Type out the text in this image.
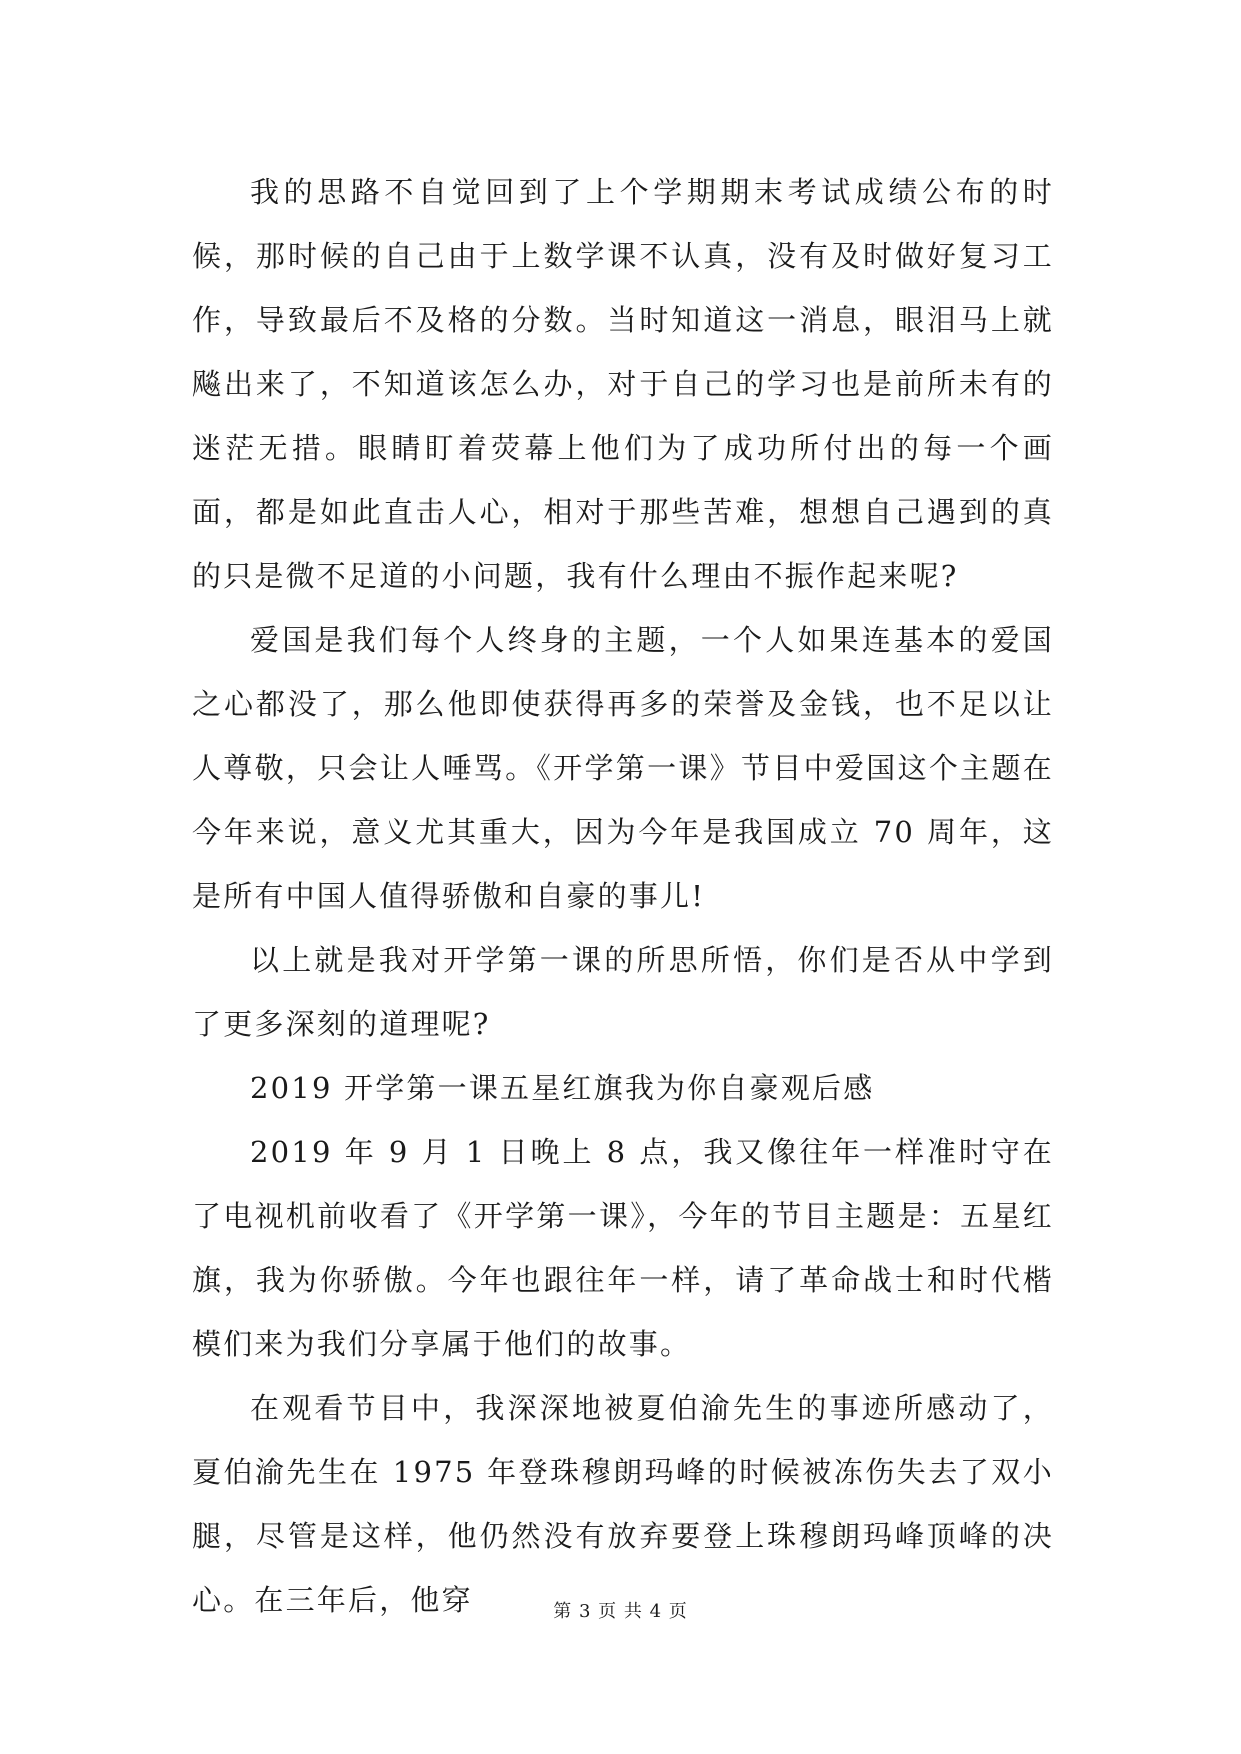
我的思路不自觉回到了上个学期期末考试成绩公布的时候，那时候的自己由于上数学课不认真，没有及时做好复习工作，导致最后不及格的分数。当时知道这一消息，眼泪马上就飚出来了，不知道该怎么办，对于自己的学习也是前所未有的迷茫无措。眼睛盯着荧幕上他们为了成功所付出的每一个画面，都是如此直击人心，相对于那些苦难，想想自己遇到的真的只是微不足道的小问题，我有什么理由不振作起来呢?

爱国是我们每个人终身的主题，一个人如果连基本的爱国之心都没了，那么他即使获得再多的荣誉及金钱，也不足以让人尊敬，只会让人唾骂。《开学第一课》节目中爱国这个主题在今年来说，意义尤其重大，因为今年是我国成立 70 周年，这是所有中国人值得骄傲和自豪的事儿!

以上就是我对开学第一课的所思所悟，你们是否从中学到了更多深刻的道理呢?

2019 开学第一课五星红旗我为你自豪观后感

2019 年 9 月 1 日晚上 8 点，我又像往年一样准时守在了电视机前收看了《开学第一课》，今年的节目主题是：五星红旗，我为你骄傲。今年也跟往年一样，请了革命战士和时代楷模们来为我们分享属于他们的故事。

在观看节目中，我深深地被夏伯渝先生的事迹所感动了，夏伯渝先生在 1975 年登珠穆朗玛峰的时候被冻伤失去了双小腿，尽管是这样，他仍然没有放弃要登上珠穆朗玛峰顶峰的决心。在三年后，他穿	第 3 页 共 4 页
